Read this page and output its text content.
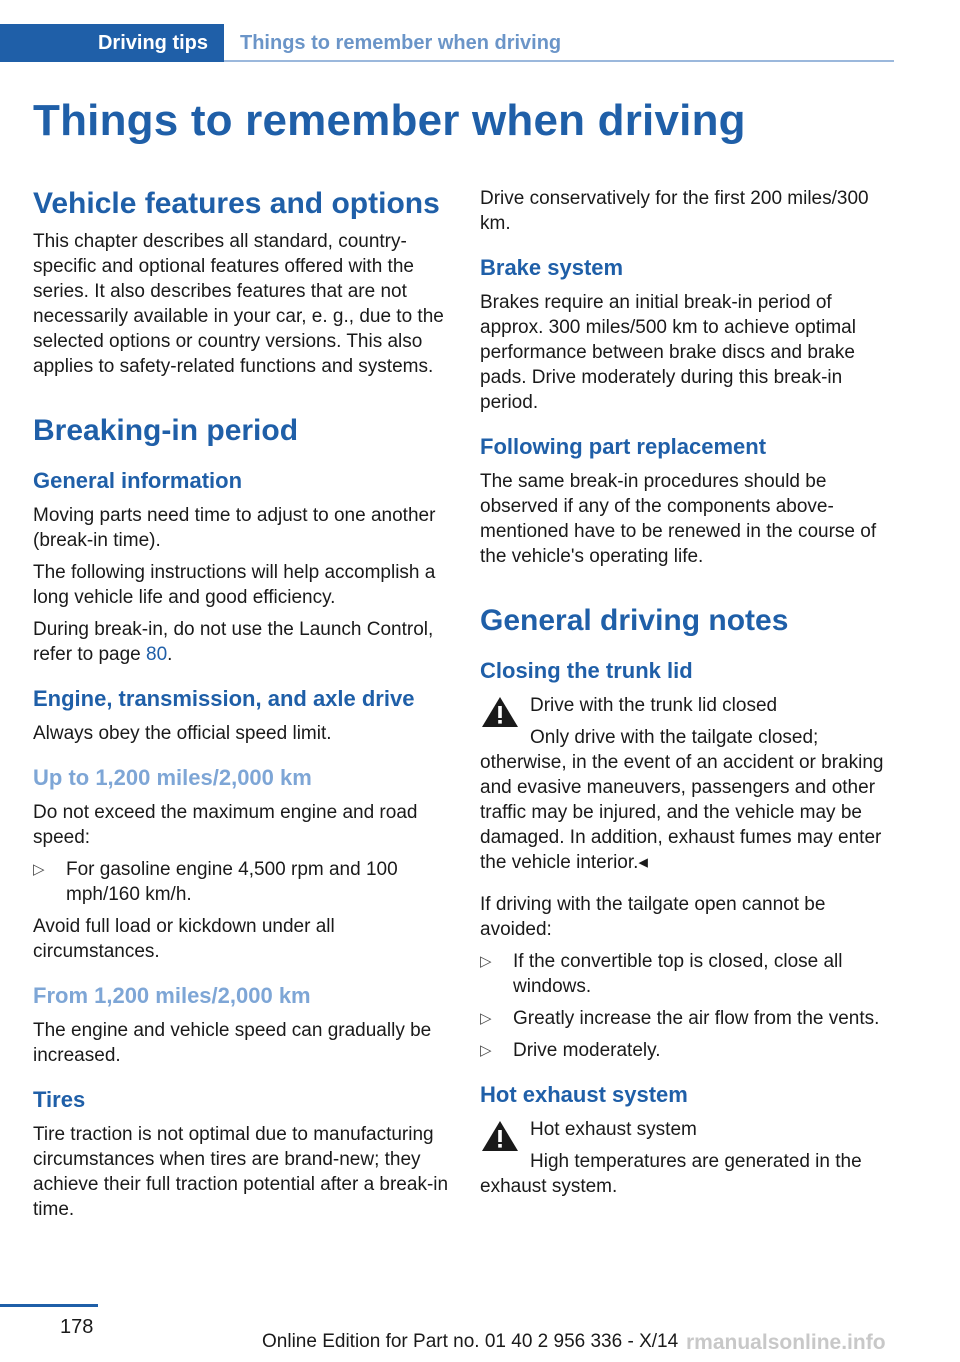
Driving tips	Things to remember when driving
Things to remember when driving
Vehicle features and options

This chapter describes all standard, country-specific and optional features offered with the series. It also describes features that are not necessarily available in your car, e. g., due to the selected options or country versions. This also applies to safety-related functions and systems.

Breaking-in period
General information

Moving parts need time to adjust to one another (break-in time).

The following instructions will help accomplish a long vehicle life and good efficiency.

During break-in, do not use the Launch Control, refer to page 80.

Engine, transmission, and axle drive

Always obey the official speed limit.

Up to 1,200 miles/2,000 km

Do not exceed the maximum engine and road speed:

▷	For gasoline engine 4,500 rpm and 100 mph/160 km/h.

Avoid full load or kickdown under all circumstances.

From 1,200 miles/2,000 km

The engine and vehicle speed can gradually be increased.

Tires

Tire traction is not optimal due to manufacturing circumstances when tires are brand-new; they achieve their full traction potential after a break-in time.

Drive conservatively for the first 200 miles/300 km.

Brake system

Brakes require an initial break-in period of approx. 300 miles/500 km to achieve optimal performance between brake discs and brake pads. Drive moderately during this break-in period.

Following part replacement

The same break-in procedures should be observed if any of the components above-mentioned have to be renewed in the course of the vehicle's operating life.

General driving notes
Closing the trunk lid

Drive with the trunk lid closed

Only drive with the tailgate closed; otherwise, in the event of an accident or braking and evasive maneuvers, passengers and other traffic may be injured, and the vehicle may be damaged. In addition, exhaust fumes may enter the vehicle interior.◂

If driving with the tailgate open cannot be avoided:

▷	If the convertible top is closed, close all windows.
▷	Greatly increase the air flow from the vents.
▷	Drive moderately.
Hot exhaust system

Hot exhaust system

High temperatures are generated in the exhaust system.

178
Online Edition for Part no. 01 40 2 956 336 - X/14 rmanualsonline.info
